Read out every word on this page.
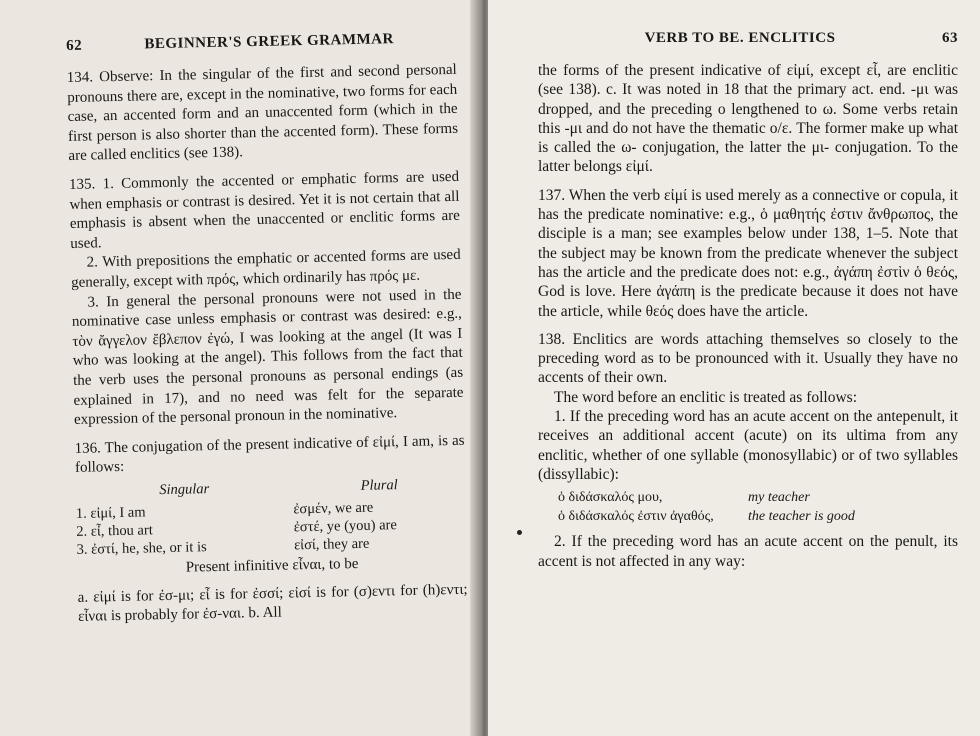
62	BEGINNER'S GREEK GRAMMAR

134. Observe: In the singular of the first and second personal pronouns there are, except in the nominative, two forms for each case, an accented form and an unaccented form (which in the first person is also shorter than the accented form). These forms are called enclitics (see 138).

135. 1. Commonly the accented or emphatic forms are used when emphasis or contrast is desired. Yet it is not certain that all emphasis is absent when the unaccented or enclitic forms are used.

2. With prepositions the emphatic or accented forms are used generally, except with πρός, which ordinarily has πρός με.

3. In general the personal pronouns were not used in the nominative case unless emphasis or contrast was desired: e.g., τὸν ἄγγελον ἔβλεπον ἐγώ, I was looking at the angel (It was I who was looking at the angel). This follows from the fact that the verb uses the personal pronouns as personal endings (as explained in 17), and no need was felt for the separate expression of the personal pronoun in the nominative.

136. The conjugation of the present indicative of εἰμί, I am, is as follows:

Singular	Plural
1. εἰμί, I am	ἐσμέν, we are
2. εἶ, thou art	ἐστέ, ye (you) are
3. ἐστί, he, she, or it is	εἰσί, they are
Present infinitive εἶναι, to be

a. εἰμί is for ἐσ-μι; εἶ is for ἐσσί; εἰσί is for (σ)εντι for (h)εντι; εἶναι is probably for ἐσ-ναι. b. All

VERB TO BE. ENCLITICS	63

the forms of the present indicative of εἰμί, except εἶ, are enclitic (see 138). c. It was noted in 18 that the primary act. end. -μι was dropped, and the preceding ο lengthened to ω. Some verbs retain this -μι and do not have the thematic ο/ε. The former make up what is called the ω- conjugation, the latter the μι- conjugation. To the latter belongs εἰμί.

137. When the verb εἰμί is used merely as a connective or copula, it has the predicate nominative: e.g., ὁ μαθητής ἐστιν ἄνθρωπος, the disciple is a man; see examples below under 138, 1–5. Note that the subject may be known from the predicate whenever the subject has the article and the predicate does not: e.g., ἀγάπη ἐστὶν ὁ θεός, God is love. Here ἀγάπη is the predicate because it does not have the article, while θεός does have the article.

138. Enclitics are words attaching themselves so closely to the preceding word as to be pronounced with it. Usually they have no accents of their own.

The word before an enclitic is treated as follows:

1. If the preceding word has an acute accent on the antepenult, it receives an additional accent (acute) on its ultima from any enclitic, whether of one syllable (monosyllabic) or of two syllables (dissyllabic):

ὁ διδάσκαλός μου,	my teacher
ὁ διδάσκαλός ἐστιν ἀγαθός,	the teacher is good

2. If the preceding word has an acute accent on the penult, its accent is not affected in any way:
